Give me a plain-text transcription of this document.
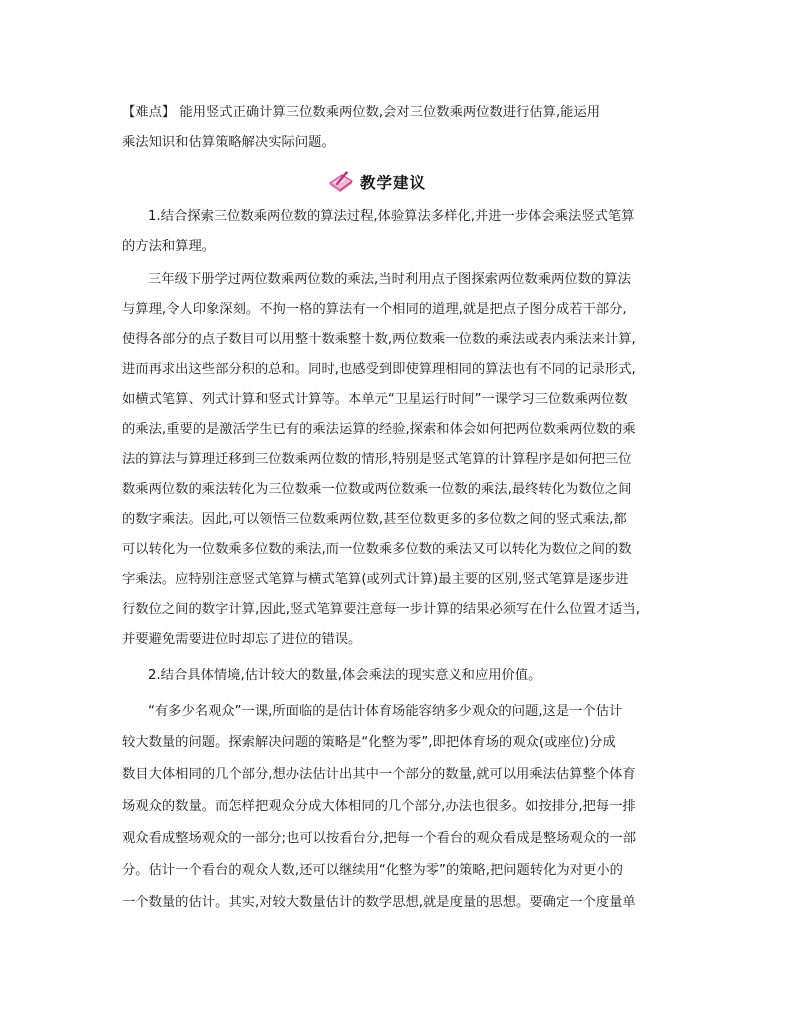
【难点】 能用竖式正确计算三位数乘两位数,会对三位数乘两位数进行估算,能运用
乘法知识和估算策略解决实际问题。
教学建议
1.结合探索三位数乘两位数的算法过程,体验算法多样化,并进一步体会乘法竖式笔算
的方法和算理。
三年级下册学过两位数乘两位数的乘法,当时利用点子图探索两位数乘两位数的算法
与算理,令人印象深刻。不拘一格的算法有一个相同的道理,就是把点子图分成若干部分,
使得各部分的点子数目可以用整十数乘整十数,两位数乘一位数的乘法或表内乘法来计算,
进而再求出这些部分积的总和。同时,也感受到即使算理相同的算法也有不同的记录形式,
如横式笔算、列式计算和竖式计算等。本单元“卫星运行时间”一课学习三位数乘两位数
的乘法,重要的是激活学生已有的乘法运算的经验,探索和体会如何把两位数乘两位数的乘
法的算法与算理迁移到三位数乘两位数的情形,特别是竖式笔算的计算程序是如何把三位
数乘两位数的乘法转化为三位数乘一位数或两位数乘一位数的乘法,最终转化为数位之间
的数字乘法。因此,可以领悟三位数乘两位数,甚至位数更多的多位数之间的竖式乘法,都
可以转化为一位数乘多位数的乘法,而一位数乘多位数的乘法又可以转化为数位之间的数
字乘法。应特别注意竖式笔算与横式笔算(或列式计算)最主要的区别,竖式笔算是逐步进
行数位之间的数字计算,因此,竖式笔算要注意每一步计算的结果必须写在什么位置才适当,
并要避免需要进位时却忘了进位的错误。
2.结合具体情境,估计较大的数量,体会乘法的现实意义和应用价值。
“有多少名观众”一课,所面临的是估计体育场能容纳多少观众的问题,这是一个估计
较大数量的问题。探索解决问题的策略是“化整为零”,即把体育场的观众(或座位)分成
数目大体相同的几个部分,想办法估计出其中一个部分的数量,就可以用乘法估算整个体育
场观众的数量。而怎样把观众分成大体相同的几个部分,办法也很多。如按排分,把每一排
观众看成整场观众的一部分;也可以按看台分,把每一个看台的观众看成是整场观众的一部
分。估计一个看台的观众人数,还可以继续用“化整为零”的策略,把问题转化为对更小的
一个数量的估计。其实,对较大数量估计的数学思想,就是度量的思想。要确定一个度量单
